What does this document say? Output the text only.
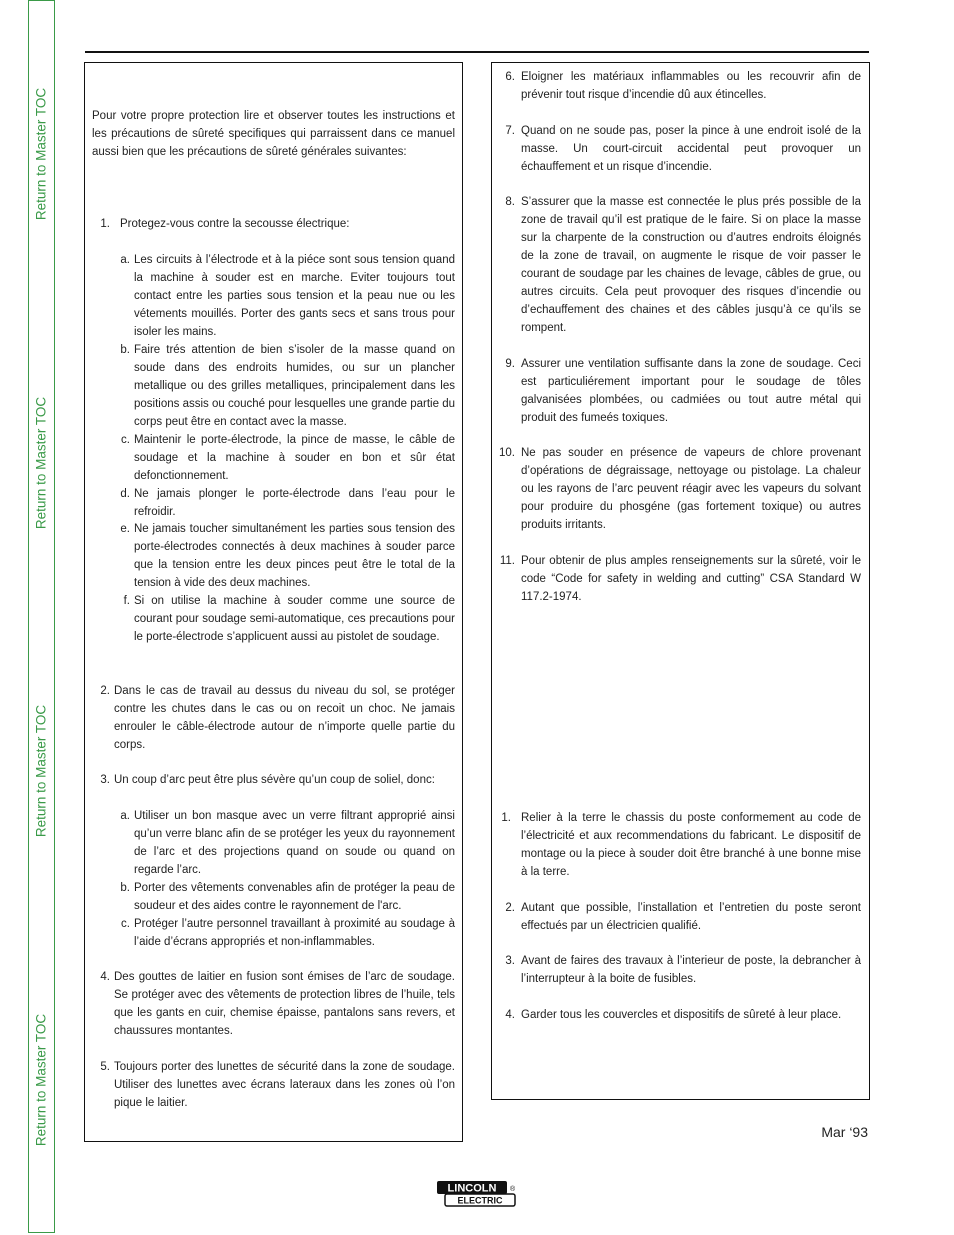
Return to Master TOC
Return to Master TOC
Return to Master TOC
Return to Master TOC

Pour votre propre protection lire et observer toutes les instructions et les précautions de sûreté specifiques qui parraissent dans ce manuel aussi bien que les précautions de sûreté générales suivantes:

1. Protegez-vous contre la secousse électrique:

a. Les circuits à l’électrode et à la piéce sont sous tension quand la machine à souder est en marche. Eviter toujours tout contact entre les parties sous tension et la peau nue ou les vétements mouillés. Porter des gants secs et sans trous pour isoler les mains.

b. Faire trés attention de bien s’isoler de la masse quand on soude dans des endroits humides, ou sur un plancher metallique ou des grilles metalliques, principalement dans les positions assis ou couché pour lesquelles une grande partie du corps peut être en contact avec la masse.

c. Maintenir le porte-électrode, la pince de masse, le câble de soudage et la machine à souder en bon et sûr état defonctionnement.

d. Ne jamais plonger le porte-électrode dans l’eau pour le refroidir.

e. Ne jamais toucher simultanément les parties sous tension des porte-électrodes connectés à deux machines à souder parce que la tension entre les deux pinces peut être le total de la tension à vide des deux machines.

f. Si on utilise la machine à souder comme une source de courant pour soudage semi-automatique, ces precautions pour le porte-électrode s’applicuent aussi au pistolet de soudage.

2. Dans le cas de travail au dessus du niveau du sol, se protéger contre les chutes dans le cas ou on recoit un choc. Ne jamais enrouler le câble-électrode autour de n’importe quelle partie du corps.

3. Un coup d’arc peut être plus sévère qu’un coup de soliel, donc:

a. Utiliser un bon masque avec un verre filtrant approprié ainsi qu’un verre blanc afin de se protéger les yeux du rayonnement de l’arc et des projections quand on soude ou quand on regarde l’arc.

b. Porter des vêtements convenables afin de protéger la peau de soudeur et des aides contre le rayonnement de l'arc.

c. Protéger l’autre personnel travaillant à proximité au soudage à l’aide d’écrans appropriés et non-inflammables.

4. Des gouttes de laitier en fusion sont émises de l’arc de soudage. Se protéger avec des vêtements de protection libres de l’huile, tels que les gants en cuir, chemise épaisse, pantalons sans revers, et chaussures montantes.

5. Toujours porter des lunettes de sécurité dans la zone de soudage. Utiliser des lunettes avec écrans lateraux dans les zones où l’on pique le laitier.

6. Eloigner les matériaux inflammables ou les recouvrir afin de prévenir tout risque d’incendie dû aux étincelles.

7. Quand on ne soude pas, poser la pince à une endroit isolé de la masse. Un court-circuit accidental peut provoquer un échauffement et un risque d’incendie.

8. S’assurer que la masse est connectée le plus prés possible de la zone de travail qu’il est pratique de le faire. Si on place la masse sur la charpente de la construction ou d’autres endroits éloignés de la zone de travail, on augmente le risque de voir passer le courant de soudage par les chaines de levage, câbles de grue, ou autres circuits. Cela peut provoquer des risques d’incendie ou d’echauffement des chaines et des câbles jusqu’à ce qu’ils se rompent.

9. Assurer une ventilation suffisante dans la zone de soudage. Ceci est particuliérement important pour le soudage de tôles galvanisées plombées, ou cadmiées ou tout autre métal qui produit des fumeés toxiques.

10. Ne pas souder en présence de vapeurs de chlore provenant d’opérations de dégraissage, nettoyage ou pistolage. La chaleur ou les rayons de l’arc peuvent réagir avec les vapeurs du solvant pour produire du phosgéne (gas fortement toxique) ou autres produits irritants.

11. Pour obtenir de plus amples renseignements sur la sûreté, voir le code “Code for safety in welding and cutting” CSA Standard W 117.2-1974.

1. Relier à la terre le chassis du poste conformement au code de l’électricité et aux recommendations du fabricant. Le dispositif de montage ou la piece à souder doit être branché à une bonne mise à la terre.

2. Autant que possible, l’installation et l’entretien du poste seront effectués par un électricien qualifié.

3. Avant de faires des travaux à l’interieur de poste, la debrancher à l’interrupteur à la boite de fusibles.

4. Garder tous les couvercles et dispositifs de sûreté à leur place.

Mar ‘93
LINCOLN
ELECTRIC
®
